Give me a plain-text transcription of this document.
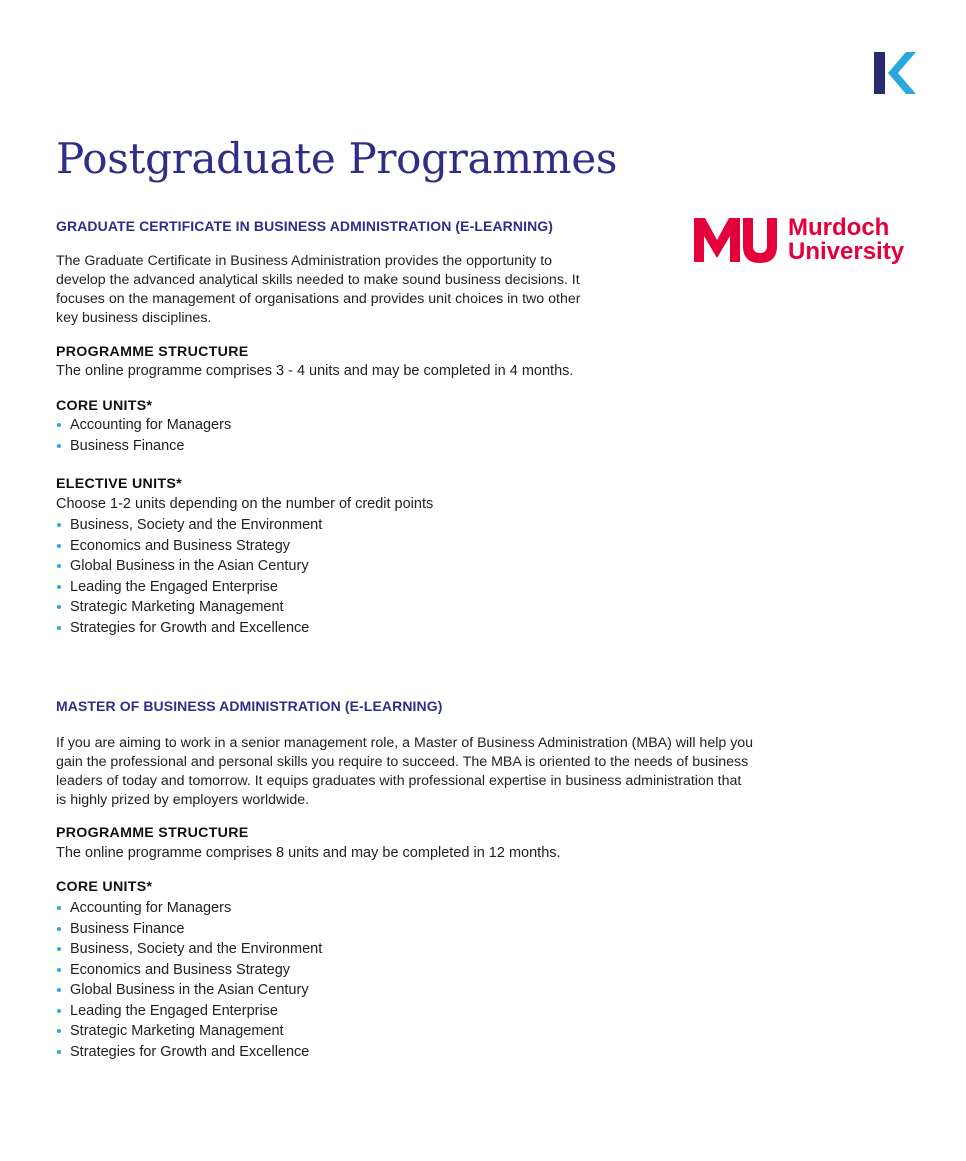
Postgraduate Programmes
Murdoch
University
GRADUATE CERTIFICATE IN BUSINESS ADMINISTRATION (E-LEARNING)

The Graduate Certificate in Business Administration provides the opportunity to

develop the advanced analytical skills needed to make sound business decisions. It

focuses on the management of organisations and provides unit choices in two other

key business disciplines.

PROGRAMME STRUCTURE

The online programme comprises 3 - 4 units and may be completed in 4 months.

CORE UNITS*
Accounting for Managers
Business Finance
ELECTIVE UNITS*

Choose 1-2 units depending on the number of credit points

Business, Society and the Environment
Economics and Business Strategy
Global Business in the Asian Century
Leading the Engaged Enterprise
Strategic Marketing Management
Strategies for Growth and Excellence
MASTER OF BUSINESS ADMINISTRATION (E-LEARNING)

If you are aiming to work in a senior management role, a Master of Business Administration (MBA) will help you

gain the professional and personal skills you require to succeed. The MBA is oriented to the needs of business

leaders of today and tomorrow. It equips graduates with professional expertise in business administration that

is highly prized by employers worldwide.

PROGRAMME STRUCTURE

The online programme comprises 8 units and may be completed in 12 months.

CORE UNITS*
Accounting for Managers
Business Finance
Business, Society and the Environment
Economics and Business Strategy
Global Business in the Asian Century
Leading the Engaged Enterprise
Strategic Marketing Management
Strategies for Growth and Excellence
